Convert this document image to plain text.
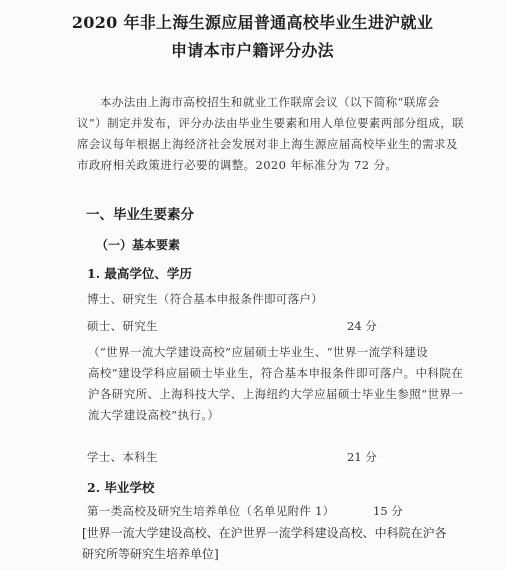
2020 年非上海生源应届普通高校毕业生进沪就业
申请本市户籍评分办法
本办法由上海市高校招生和就业工作联席会议（以下简称“联席会
议”）制定并发布，评分办法由毕业生要素和用人单位要素两部分组成，联
席会议每年根据上海经济社会发展对非上海生源应届高校毕业生的需求及
市政府相关政策进行必要的调整。2020 年标准分为 72 分。
一、毕业生要素分
（一）基本要素
1. 最高学位、学历
博士、研究生（符合基本申报条件即可落户）
硕士、研究生	24 分
（“世界一流大学建设高校”应届硕士毕业生、“世界一流学科建设
高校”建设学科应届硕士毕业生，符合基本申报条件即可落户。中科院在
沪各研究所、上海科技大学、上海纽约大学应届硕士毕业生参照“世界一
流大学建设高校”执行。）
学士、本科生	21 分
2. 毕业学校
第一类高校及研究生培养单位（名单见附件 1）	15 分
[世界一流大学建设高校、在沪世界一流学科建设高校、中科院在沪各
研究所等研究生培养单位]
